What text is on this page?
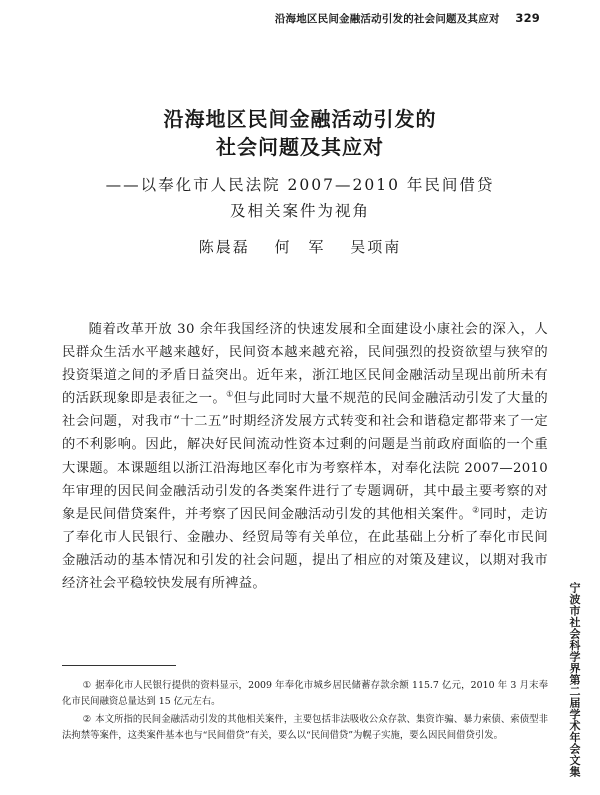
沿海地区民间金融活动引发的社会问题及其应对 329
沿海地区民间金融活动引发的
社会问题及其应对
——以奉化市人民法院 2007—2010 年民间借贷
及相关案件为视角
陈晨磊 何　军 吴项南

随着改革开放 30 余年我国经济的快速发展和全面建设小康社会的深入，人民群众生活水平越来越好，民间资本越来越充裕，民间强烈的投资欲望与狭窄的投资渠道之间的矛盾日益突出。近年来，浙江地区民间金融活动呈现出前所未有的活跃现象即是表征之一。①但与此同时大量不规范的民间金融活动引发了大量的社会问题，对我市“十二五”时期经济发展方式转变和社会和谐稳定都带来了一定的不利影响。因此，解决好民间流动性资本过剩的问题是当前政府面临的一个重大课题。本课题组以浙江沿海地区奉化市为考察样本，对奉化法院 2007—2010 年审理的因民间金融活动引发的各类案件进行了专题调研，其中最主要考察的对象是民间借贷案件，并考察了因民间金融活动引发的其他相关案件。②同时，走访了奉化市人民银行、金融办、经贸局等有关单位，在此基础上分析了奉化市民间金融活动的基本情况和引发的社会问题，提出了相应的对策及建议，以期对我市经济社会平稳较快发展有所裨益。

① 据奉化市人民银行提供的资料显示，2009 年奉化市城乡居民储蓄存款余额 115.7 亿元，2010 年 3 月末奉化市民间融资总量达到 15 亿元左右。

② 本文所指的民间金融活动引发的其他相关案件，主要包括非法吸收公众存款、集资诈骗、暴力索债、索债型非法拘禁等案件，这类案件基本也与“民间借贷”有关，要么以“民间借贷”为幌子实施，要么因民间借贷引发。	宁波市社会科学界第二届学术年会文集
